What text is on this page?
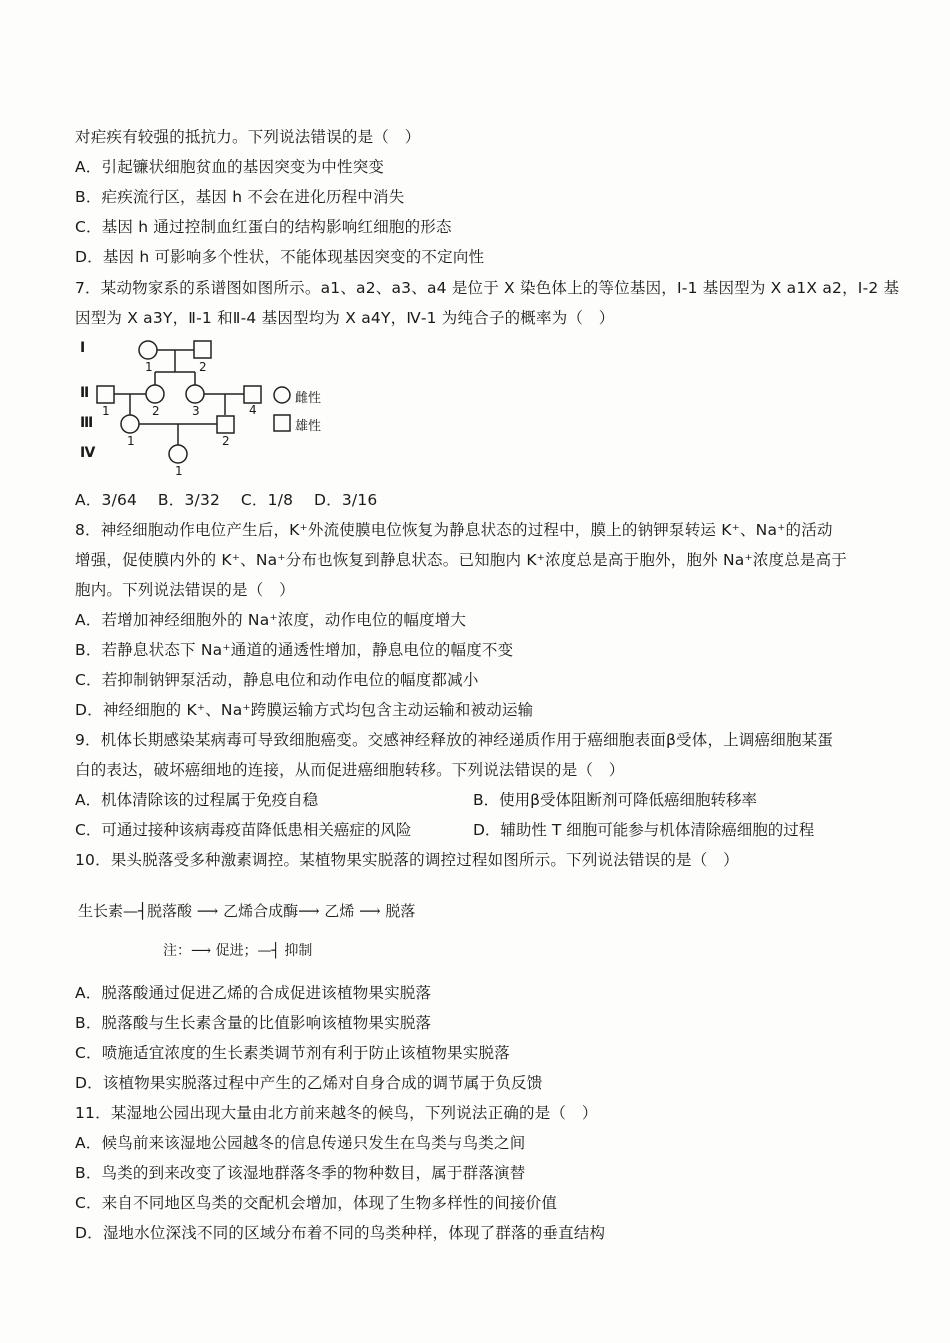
对疟疾有较强的抵抗力。下列说法错误的是（　）
A．引起镰状细胞贫血的基因突变为中性突变
B．疟疾流行区，基因 h 不会在进化历程中消失
C．基因 h 通过控制血红蛋白的结构影响红细胞的形态
D．基因 h 可影响多个性状，不能体现基因突变的不定向性
7．某动物家系的系谱图如图所示。a1、a2、a3、a4 是位于 X 染色体上的等位基因，Ⅰ-1 基因型为 X a1X a2，Ⅰ-2 基
因型为 X a3Y，Ⅱ-1 和Ⅱ-4 基因型均为 X a4Y，Ⅳ-1 为纯合子的概率为（　）
Ⅰ
Ⅱ
Ⅲ
Ⅳ
1	2
1	2	3	4
1	2
1
雌性
雄性
A．3/64　 B．3/32　 C．1/8　 D．3/16
8．神经细胞动作电位产生后，K⁺外流使膜电位恢复为静息状态的过程中，膜上的钠钾泵转运 K⁺、Na⁺的活动
增强，促使膜内外的 K⁺、Na⁺分布也恢复到静息状态。已知胞内 K⁺浓度总是高于胞外，胞外 Na⁺浓度总是高于
胞内。下列说法错误的是（　）
A．若增加神经细胞外的 Na⁺浓度，动作电位的幅度增大
B．若静息状态下 Na⁺通道的通透性增加，静息电位的幅度不变
C．若抑制钠钾泵活动，静息电位和动作电位的幅度都减小
D．神经细胞的 K⁺、Na⁺跨膜运输方式均包含主动运输和被动运输
9．机体长期感染某病毒可导致细胞癌变。交感神经释放的神经递质作用于癌细胞表面β受体，上调癌细胞某蛋
白的表达，破坏癌细地的连接，从而促进癌细胞转移。下列说法错误的是（　）
A．机体清除该的过程属于免疫自稳	B．使用β受体阻断剂可降低癌细胞转移率
C．可通过接种该病毒疫苗降低患相关癌症的风险	D．辅助性 T 细胞可能参与机体清除癌细胞的过程
10．果头脱落受多种激素调控。某植物果实脱落的调控过程如图所示。下列说法错误的是（　）
生长素—┤脱落酸 ⟶ 乙烯合成酶⟶ 乙烯 ⟶ 脱落
注：⟶ 促进；—┤ 抑制
A．脱落酸通过促进乙烯的合成促进该植物果实脱落
B．脱落酸与生长素含量的比值影响该植物果实脱落
C．喷施适宜浓度的生长素类调节剂有利于防止该植物果实脱落
D．该植物果实脱落过程中产生的乙烯对自身合成的调节属于负反馈
11．某湿地公园出现大量由北方前来越冬的候鸟，下列说法正确的是（　）
A．候鸟前来该湿地公园越冬的信息传递只发生在鸟类与鸟类之间
B．鸟类的到来改变了该湿地群落冬季的物种数目，属于群落演替
C．来自不同地区鸟类的交配机会增加，体现了生物多样性的间接价值
D．湿地水位深浅不同的区域分布着不同的鸟类种样，体现了群落的垂直结构
